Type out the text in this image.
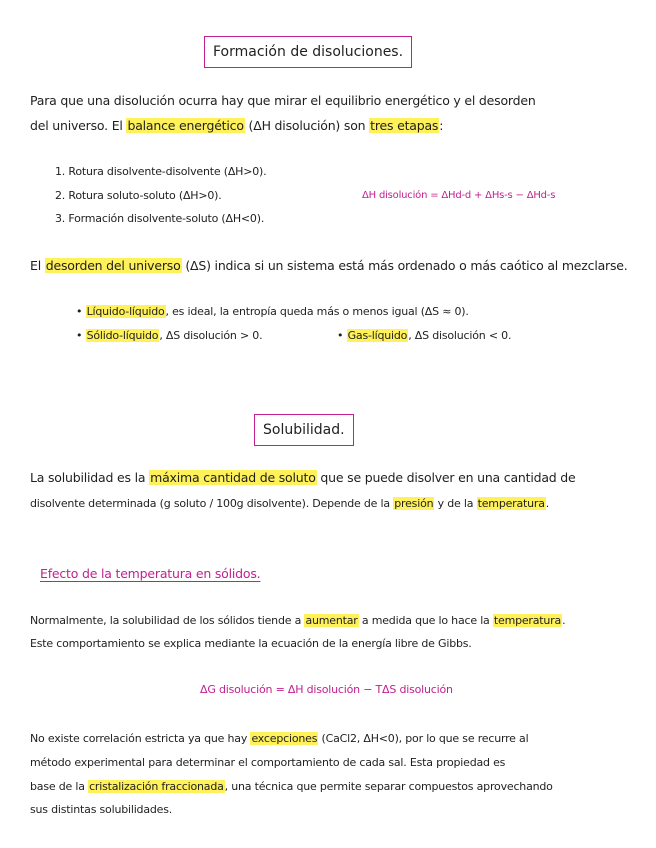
Formación de disoluciones.
Para que una disolución ocurra hay que mirar el equilibrio energético y el desorden
del universo. El balance energético (ΔH disolución) son tres etapas:
1. Rotura disolvente-disolvente (ΔH>0).
2. Rotura soluto-soluto (ΔH>0).
3. Formación disolvente-soluto (ΔH<0).
ΔH disolución = ΔHd-d + ΔHs-s − ΔHd-s
El desorden del universo (ΔS) indica si un sistema está más ordenado o más caótico al mezclarse.
• Líquido-líquido, es ideal, la entropía queda más o menos igual (ΔS ≈ 0).
• Sólido-líquido, ΔS disolución > 0.	• Gas-líquido, ΔS disolución < 0.
Solubilidad.
La solubilidad es la máxima cantidad de soluto que se puede disolver en una cantidad de
disolvente determinada (g soluto / 100g disolvente). Depende de la presión y de la temperatura.
Efecto de la temperatura en sólidos.
Normalmente, la solubilidad de los sólidos tiende a aumentar a medida que lo hace la temperatura.
Este comportamiento se explica mediante la ecuación de la energía libre de Gibbs.
ΔG disolución = ΔH disolución − TΔS disolución
No existe correlación estricta ya que hay excepciones (CaCl2, ΔH<0), por lo que se recurre al
método experimental para determinar el comportamiento de cada sal. Esta propiedad es
base de la cristalización fraccionada, una técnica que permite separar compuestos aprovechando
sus distintas solubilidades.
